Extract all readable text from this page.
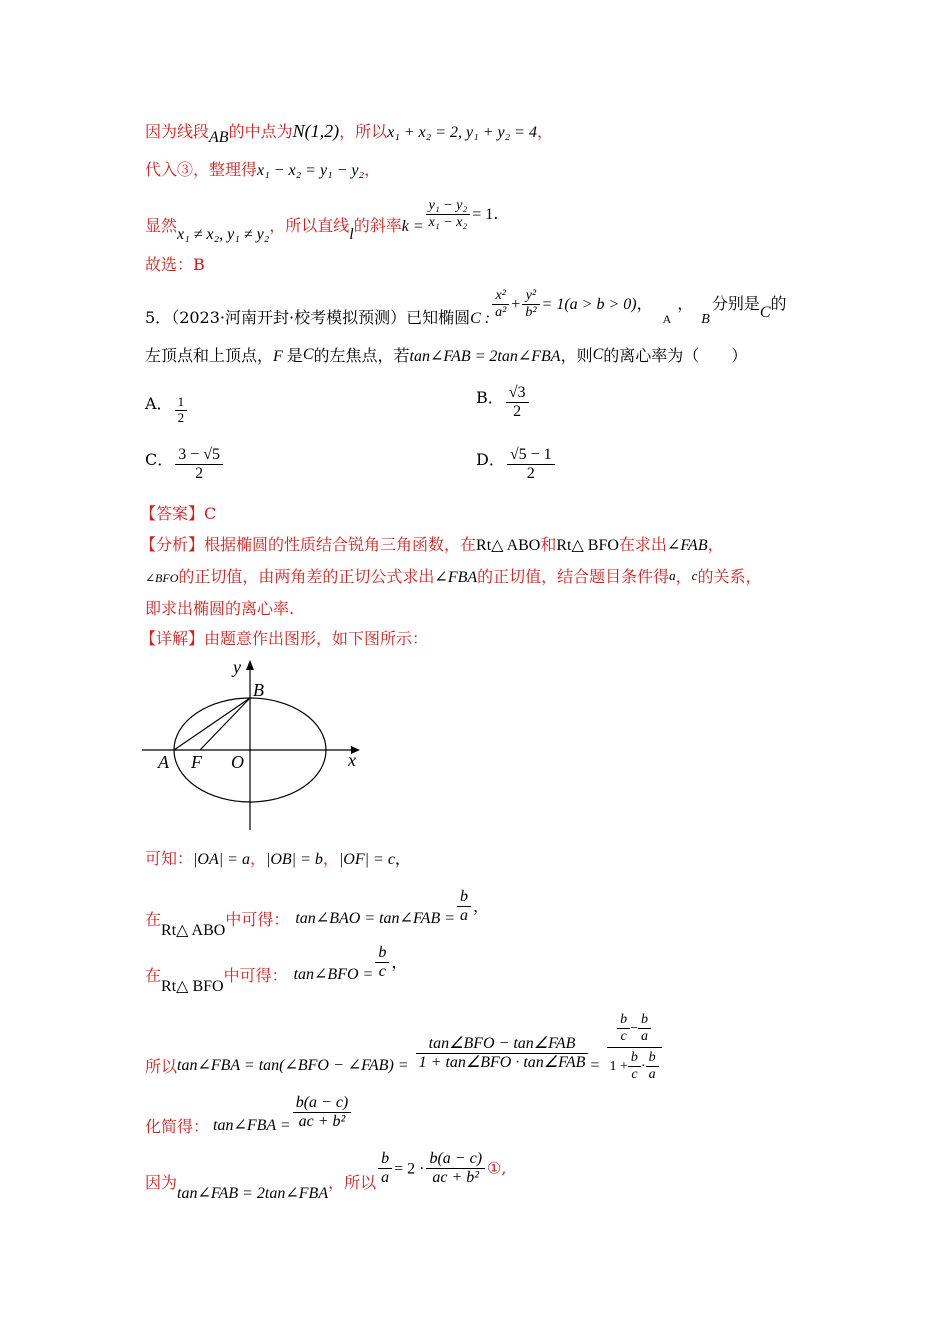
因为线段AB的中点为N(1,2)，所以x₁ + x₂ = 2, y₁ + y₂ = 4，
代入③，整理得x₁ − x₂ = y₁ − y₂，
显然x₁ ≠ x₂, y₁ ≠ y₂，所以直线l的斜率$k = \frac{\text{y₁ − y₂}}{\text{x₁ − x₂}} = 1$.
故选：B
5．（2023·河南开封·校考模拟预测）已知椭圆C : $\frac{\text{x²}}{\text{a²}} + \frac{\text{y²}}{\text{b²}} = 1(a > b > 0)$，$_A$，B分别是C的
左顶点和上顶点，F 是C的左焦点，若tan∠FAB = 2tan∠FBA，则C的离心率为（　　）
A． $\frac{1}{2}$	B． $\frac{√3}{2}$
C． $\frac{3 - √5}{2}$	D． $\frac{√5 - 1}{2}$
【答案】C
【分析】根据椭圆的性质结合锐角三角函数，在Rt△ ABO和Rt△ BFO在求出∠FAB，
∠BFO的正切值，由两角差的正切公式求出∠FBA的正切值，结合题目条件得a，c的关系，
即求出椭圆的离心率.
【详解】由题意作出图形，如下图所示：
y
B
A F O	x
可知：|OA| = a，|OB| = b，|OF| = c，
在Rt△ ABO中可得： tan∠BAO = tan∠FAB = $\frac{b}{a}$ ，
在Rt△ BFO中可得： tan∠BFO = $\frac{b}{c}$ ，
所以tan∠FBA = tan(∠BFO − ∠FAB) = $\frac{\text{tan∠BFO − tan∠FAB}}{\text{1 + tan∠BFO · tan∠FAB}} = \frac{\frac{b}{c} - \frac{b}{a}}{1 + \frac{b}{c} \cdot \frac{b}{a}}$
化简得： tan∠FBA = $\frac{b(a - c)}{\text{ac + b²}}$
因为tan∠FAB = 2tan∠FBA，所以 $\frac{b}{a} = 2 \cdot \frac{b(a - c)}{\text{ac + b²}}$ ①,
